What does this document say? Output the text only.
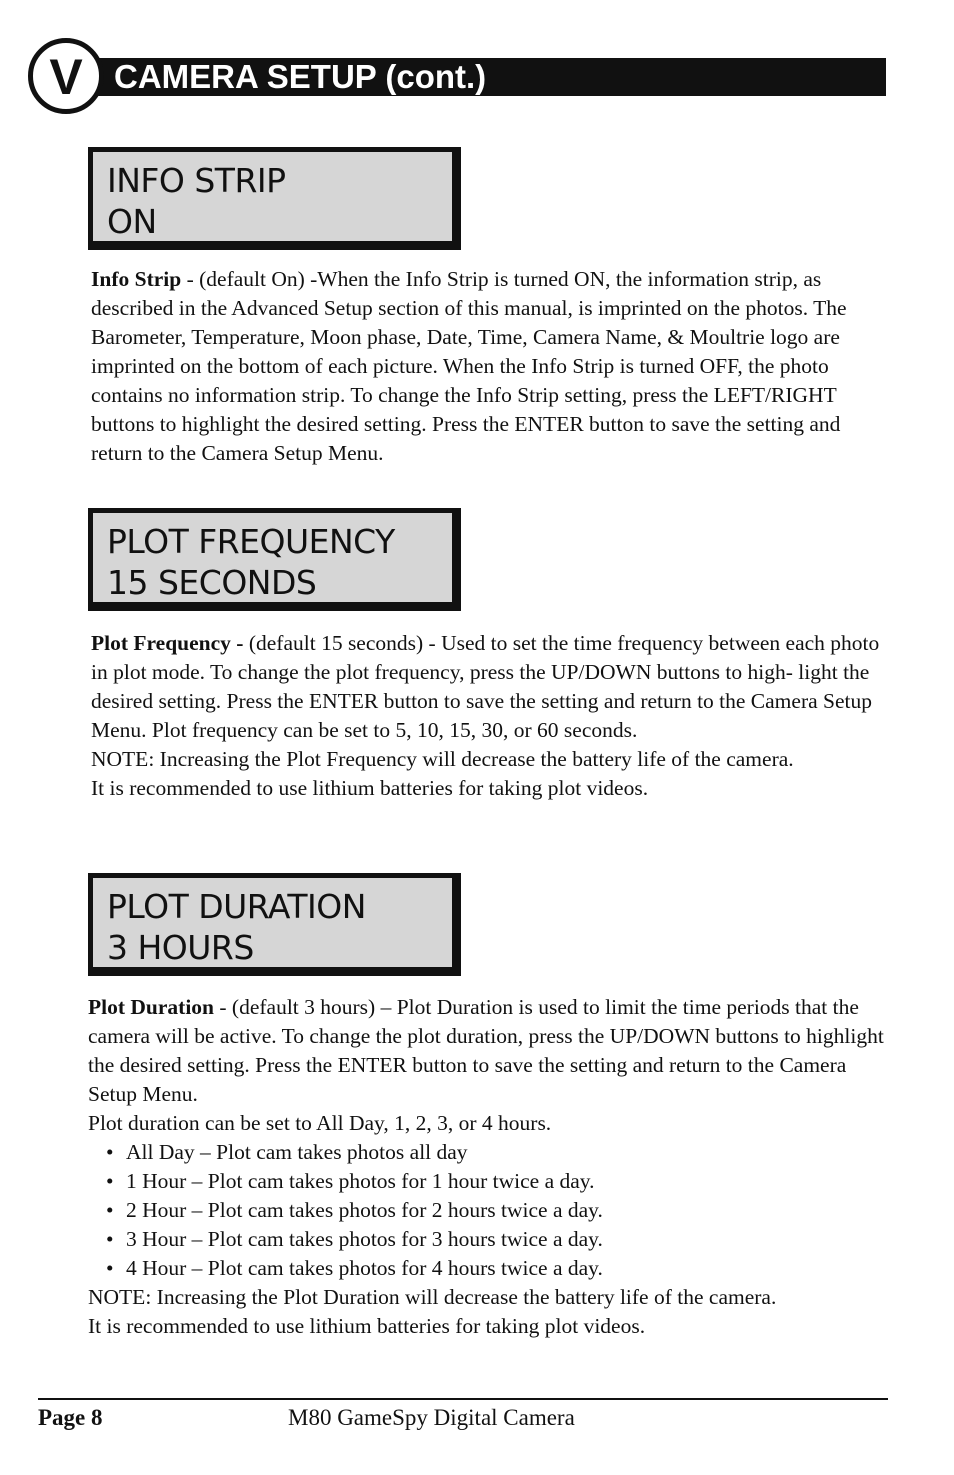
V CAMERA SETUP (cont.)
INFO STRIP
ON

Info Strip - (default On) -When the Info Strip is turned ON, the information strip, as described in the Advanced Setup section of this manual, is imprinted on the photos. The Barometer, Temperature, Moon phase, Date, Time, Camera Name, & Moultrie logo are imprinted on the bottom of each picture. When the Info Strip is turned OFF, the photo contains no information strip. To change the Info Strip setting, press the LEFT/RIGHT buttons to highlight the desired setting. Press the ENTER button to save the setting and return to the Camera Setup Menu.

PLOT FREQUENCY
15 SECONDS

Plot Frequency - (default 15 seconds) - Used to set the time frequency between each photo in plot mode. To change the plot frequency, press the UP/DOWN buttons to high- light the desired setting. Press the ENTER button to save the setting and return to the Camera Setup Menu. Plot frequency can be set to 5, 10, 15, 30, or 60 seconds.

NOTE: Increasing the Plot Frequency will decrease the battery life of the camera.

It is recommended to use lithium batteries for taking plot videos.

PLOT DURATION
3 HOURS

Plot Duration - (default 3 hours) – Plot Duration is used to limit the time periods that the camera will be active. To change the plot duration, press the UP/DOWN buttons to highlight the desired setting. Press the ENTER button to save the setting and return to the Camera Setup Menu.

Plot duration can be set to All Day, 1, 2, 3, or 4 hours.

• All Day – Plot cam takes photos all day
• 1 Hour – Plot cam takes photos for 1 hour twice a day.
• 2 Hour – Plot cam takes photos for 2 hours twice a day.
• 3 Hour – Plot cam takes photos for 3 hours twice a day.
• 4 Hour – Plot cam takes photos for 4 hours twice a day.

NOTE: Increasing the Plot Duration will decrease the battery life of the camera.

It is recommended to use lithium batteries for taking plot videos.

Page 8	M80 GameSpy Digital Camera
